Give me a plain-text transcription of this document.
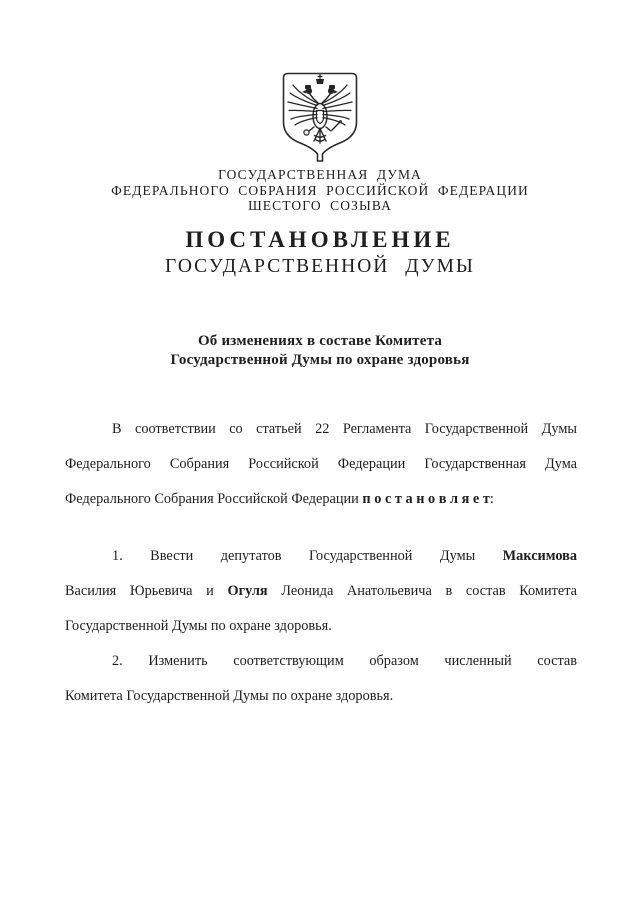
ГОСУДАРСТВЕННАЯ ДУМА
ФЕДЕРАЛЬНОГО СОБРАНИЯ РОССИЙСКОЙ ФЕДЕРАЦИИ
ШЕСТОГО СОЗЫВА
ПОСТАНОВЛЕНИЕ
ГОСУДАРСТВЕННОЙ ДУМЫ
Об изменениях в составе Комитета
Государственной Думы по охране здоровья
В соответствии со статьей 22 Регламента Государственной Думы
Федерального Собрания Российской Федерации Государственная Дума
Федерального Собрания Российской Федерации п о с т а н о в л я е т:
1. Ввести депутатов Государственной Думы Максимова
Василия Юрьевича и Огуля Леонида Анатольевича в состав Комитета
Государственной Думы по охране здоровья.
2. Изменить соответствующим образом численный состав
Комитета Государственной Думы по охране здоровья.
